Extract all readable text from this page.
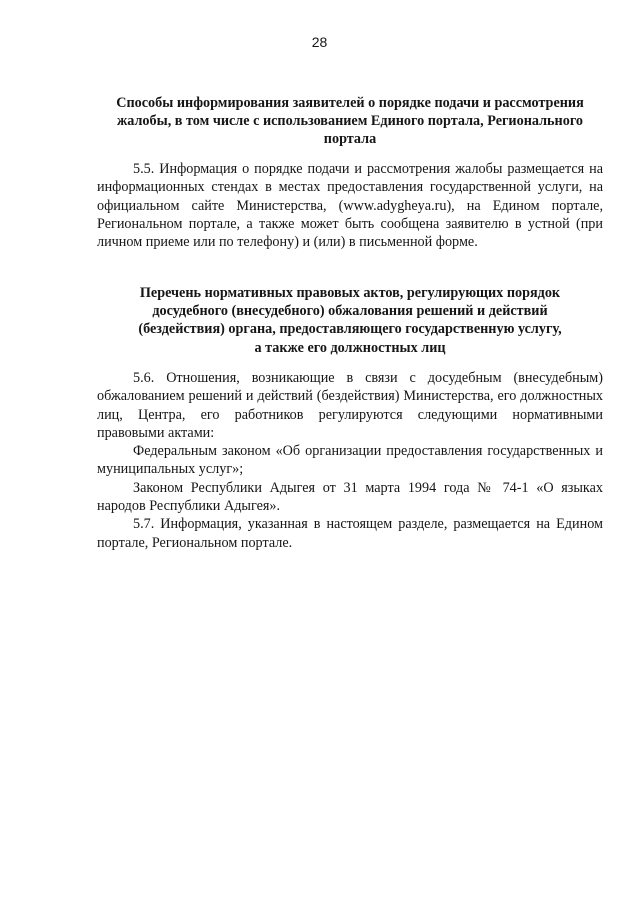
28
Способы информирования заявителей о порядке подачи и рассмотрения
жалобы, в том числе с использованием Единого портала, Регионального
портала

5.5. Информация о порядке подачи и рассмотрения жалобы размещается на информационных стендах в местах предоставления государственной услуги, на официальном сайте Министерства, (www.adygheya.ru), на Едином портале, Региональном портале, а также может быть сообщена заявителю в устной (при личном приеме или по телефону) и (или) в письменной форме.

Перечень нормативных правовых актов, регулирующих порядок
досудебного (внесудебного) обжалования решений и действий
(бездействия) органа, предоставляющего государственную услугу,
а также его должностных лиц

5.6. Отношения, возникающие в связи с досудебным (внесудебным) обжалованием решений и действий (бездействия) Министерства, его должностных лиц, Центра, его работников регулируются следующими нормативными правовыми актами:

Федеральным законом «Об организации предоставления государственных и муниципальных услуг»;

Законом Республики Адыгея от 31 марта 1994 года № 74-1 «О языках народов Республики Адыгея».

5.7. Информация, указанная в настоящем разделе, размещается на Едином портале, Региональном портале.
